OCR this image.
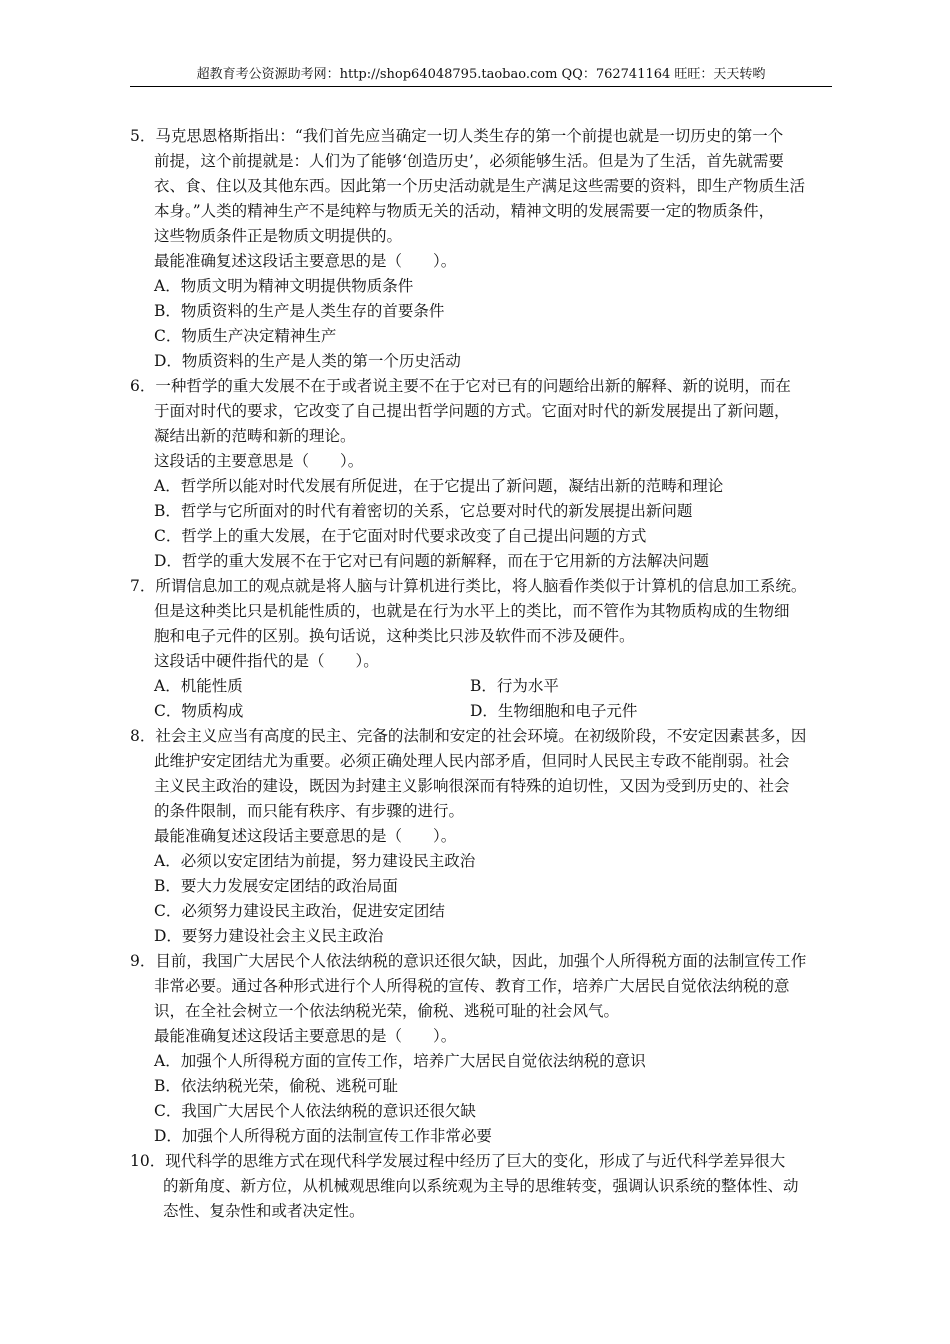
超教育考公资源助考网：http://shop64048795.taobao.com QQ：762741164 旺旺：天天转哟
5．马克思恩格斯指出：“我们首先应当确定一切人类生存的第一个前提也就是一切历史的第一个
前提，这个前提就是：人们为了能够‘创造历史’，必须能够生活。但是为了生活，首先就需要
衣、食、住以及其他东西。因此第一个历史活动就是生产满足这些需要的资料，即生产物质生活
本身。”人类的精神生产不是纯粹与物质无关的活动，精神文明的发展需要一定的物质条件，
这些物质条件正是物质文明提供的。
最能准确复述这段话主要意思的是（　　）。
A．物质文明为精神文明提供物质条件
B．物质资料的生产是人类生存的首要条件
C．物质生产决定精神生产
D．物质资料的生产是人类的第一个历史活动
6．一种哲学的重大发展不在于或者说主要不在于它对已有的问题给出新的解释、新的说明，而在
于面对时代的要求，它改变了自己提出哲学问题的方式。它面对时代的新发展提出了新问题，
凝结出新的范畴和新的理论。
这段话的主要意思是（　　）。
A．哲学所以能对时代发展有所促进，在于它提出了新问题，凝结出新的范畴和理论
B．哲学与它所面对的时代有着密切的关系，它总要对时代的新发展提出新问题
C．哲学上的重大发展，在于它面对时代要求改变了自己提出问题的方式
D．哲学的重大发展不在于它对已有问题的新解释，而在于它用新的方法解决问题
7．所谓信息加工的观点就是将人脑与计算机进行类比，将人脑看作类似于计算机的信息加工系统。
但是这种类比只是机能性质的，也就是在行为水平上的类比，而不管作为其物质构成的生物细
胞和电子元件的区别。换句话说，这种类比只涉及软件而不涉及硬件。
这段话中硬件指代的是（　　）。
A．机能性质	B．行为水平
C．物质构成	D．生物细胞和电子元件
8．社会主义应当有高度的民主、完备的法制和安定的社会环境。在初级阶段，不安定因素甚多，因
此维护安定团结尤为重要。必须正确处理人民内部矛盾，但同时人民民主专政不能削弱。社会
主义民主政治的建设，既因为封建主义影响很深而有特殊的迫切性，又因为受到历史的、社会
的条件限制，而只能有秩序、有步骤的进行。
最能准确复述这段话主要意思的是（　　）。
A．必须以安定团结为前提，努力建设民主政治
B．要大力发展安定团结的政治局面
C．必须努力建设民主政治，促进安定团结
D．要努力建设社会主义民主政治
9．目前，我国广大居民个人依法纳税的意识还很欠缺，因此，加强个人所得税方面的法制宣传工作
非常必要。通过各种形式进行个人所得税的宣传、教育工作，培养广大居民自觉依法纳税的意
识，在全社会树立一个依法纳税光荣，偷税、逃税可耻的社会风气。
最能准确复述这段话主要意思的是（　　）。
A．加强个人所得税方面的宣传工作，培养广大居民自觉依法纳税的意识
B．依法纳税光荣，偷税、逃税可耻
C．我国广大居民个人依法纳税的意识还很欠缺
D．加强个人所得税方面的法制宣传工作非常必要
10．现代科学的思维方式在现代科学发展过程中经历了巨大的变化，形成了与近代科学差异很大
的新角度、新方位，从机械观思维向以系统观为主导的思维转变，强调认识系统的整体性、动
态性、复杂性和或者决定性。
